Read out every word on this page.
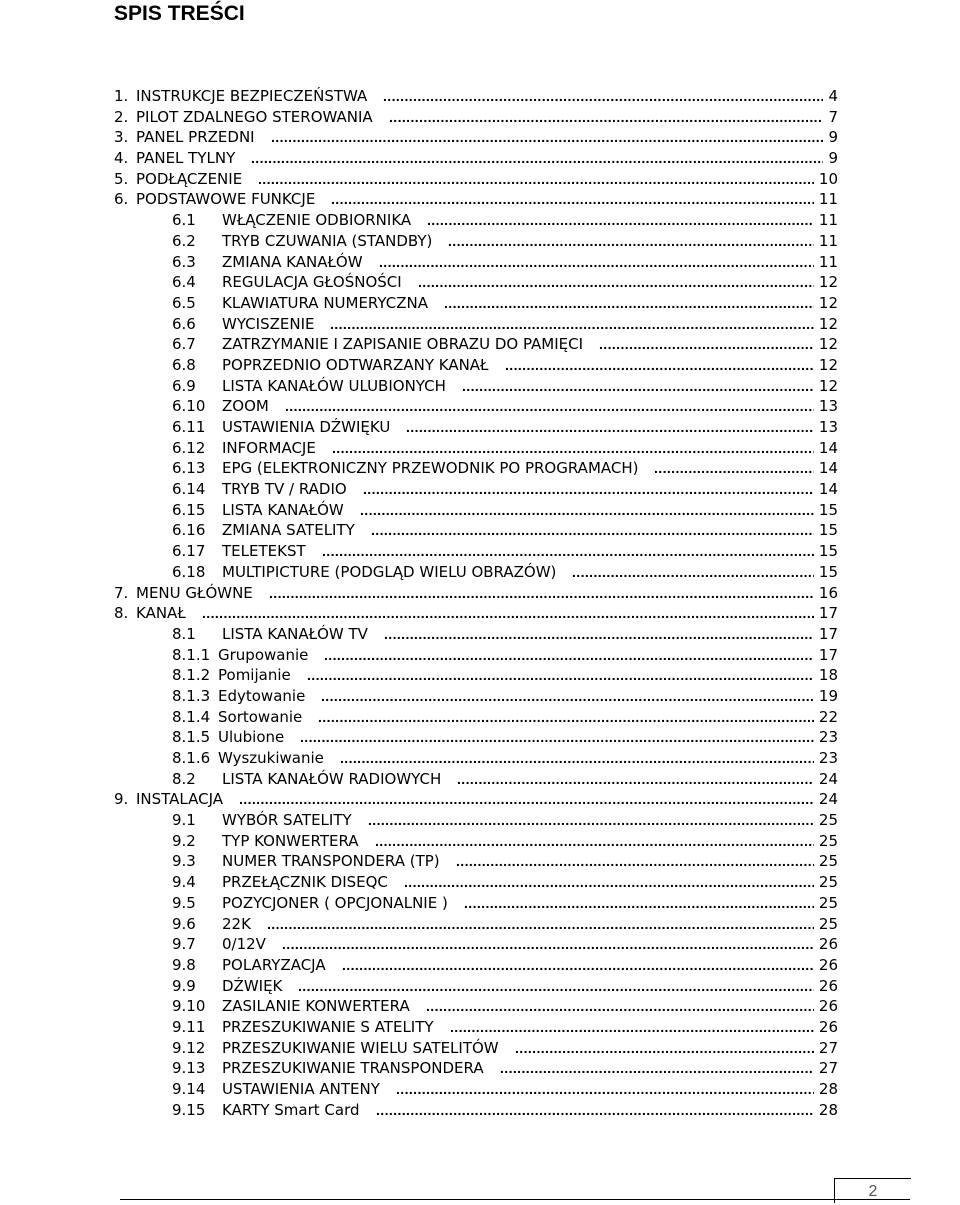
SPIS TREŚCI
1. INSTRUKCJE BEZPIECZEŃSTWA .....	4
2. PILOT ZDALNEGO STEROWANIA .....	7
3. PANEL PRZEDNI .....	9
4. PANEL TYLNY .....	9
5. PODŁĄCZENIE .....	10
6. PODSTAWOWE FUNKCJE .....	11
6.1 WŁĄCZENIE ODBIORNIKA .....	11
6.2 TRYB CZUWANIA (STANDBY) .....	11
6.3 ZMIANA KANAŁÓW .....	11
6.4 REGULACJA GŁOŚNOŚCI .....	12
6.5 KLAWIATURA NUMERYCZNA .....	12
6.6 WYCISZENIE .....	12
6.7 ZATRZYMANIE I ZAPISANIE OBRAZU DO PAMIĘCI .....	12
6.8 POPRZEDNIO ODTWARZANY KANAŁ .....	12
6.9 LISTA KANAŁÓW ULUBIONYCH .....	12
6.10 ZOOM .....	13
6.11 USTAWIENIA DŹWIĘKU .....	13
6.12 INFORMACJE .....	14
6.13 EPG (ELEKTRONICZNY PRZEWODNIK PO PROGRAMACH) .....	14
6.14 TRYB TV / RADIO .....	14
6.15 LISTA KANAŁÓW .....	15
6.16 ZMIANA SATELITY .....	15
6.17 TELETEKST .....	15
6.18 MULTIPICTURE (PODGLĄD WIELU OBRAZÓW) .....	15
7. MENU GŁÓWNE .....	16
8. KANAŁ .....	17
8.1 LISTA KANAŁÓW TV .....	17
8.1.1 Grupowanie .....	17
8.1.2 Pomijanie .....	18
8.1.3 Edytowanie .....	19
8.1.4 Sortowanie .....	22
8.1.5 Ulubione .....	23
8.1.6 Wyszukiwanie .....	23
8.2 LISTA KANAŁÓW RADIOWYCH .....	24
9. INSTALACJA .....	24
9.1 WYBÓR SATELITY .....	25
9.2 TYP KONWERTERA .....	25
9.3 NUMER TRANSPONDERA (TP) .....	25
9.4 PRZEŁĄCZNIK DISEQC .....	25
9.5 POZYCJONER ( OPCJONALNIE ) .....	25
9.6 22K .....	25
9.7 0/12V .....	26
9.8 POLARYZACJA .....	26
9.9 DŹWIĘK .....	26
9.10 ZASILANIE KONWERTERA .....	26
9.11 PRZESZUKIWANIE S ATELITY .....	26
9.12 PRZESZUKIWANIE WIELU SATELITÓW .....	27
9.13 PRZESZUKIWANIE TRANSPONDERA .....	27
9.14 USTAWIENIA ANTENY .....	28
9.15 KARTY Smart Card .....	28
2
